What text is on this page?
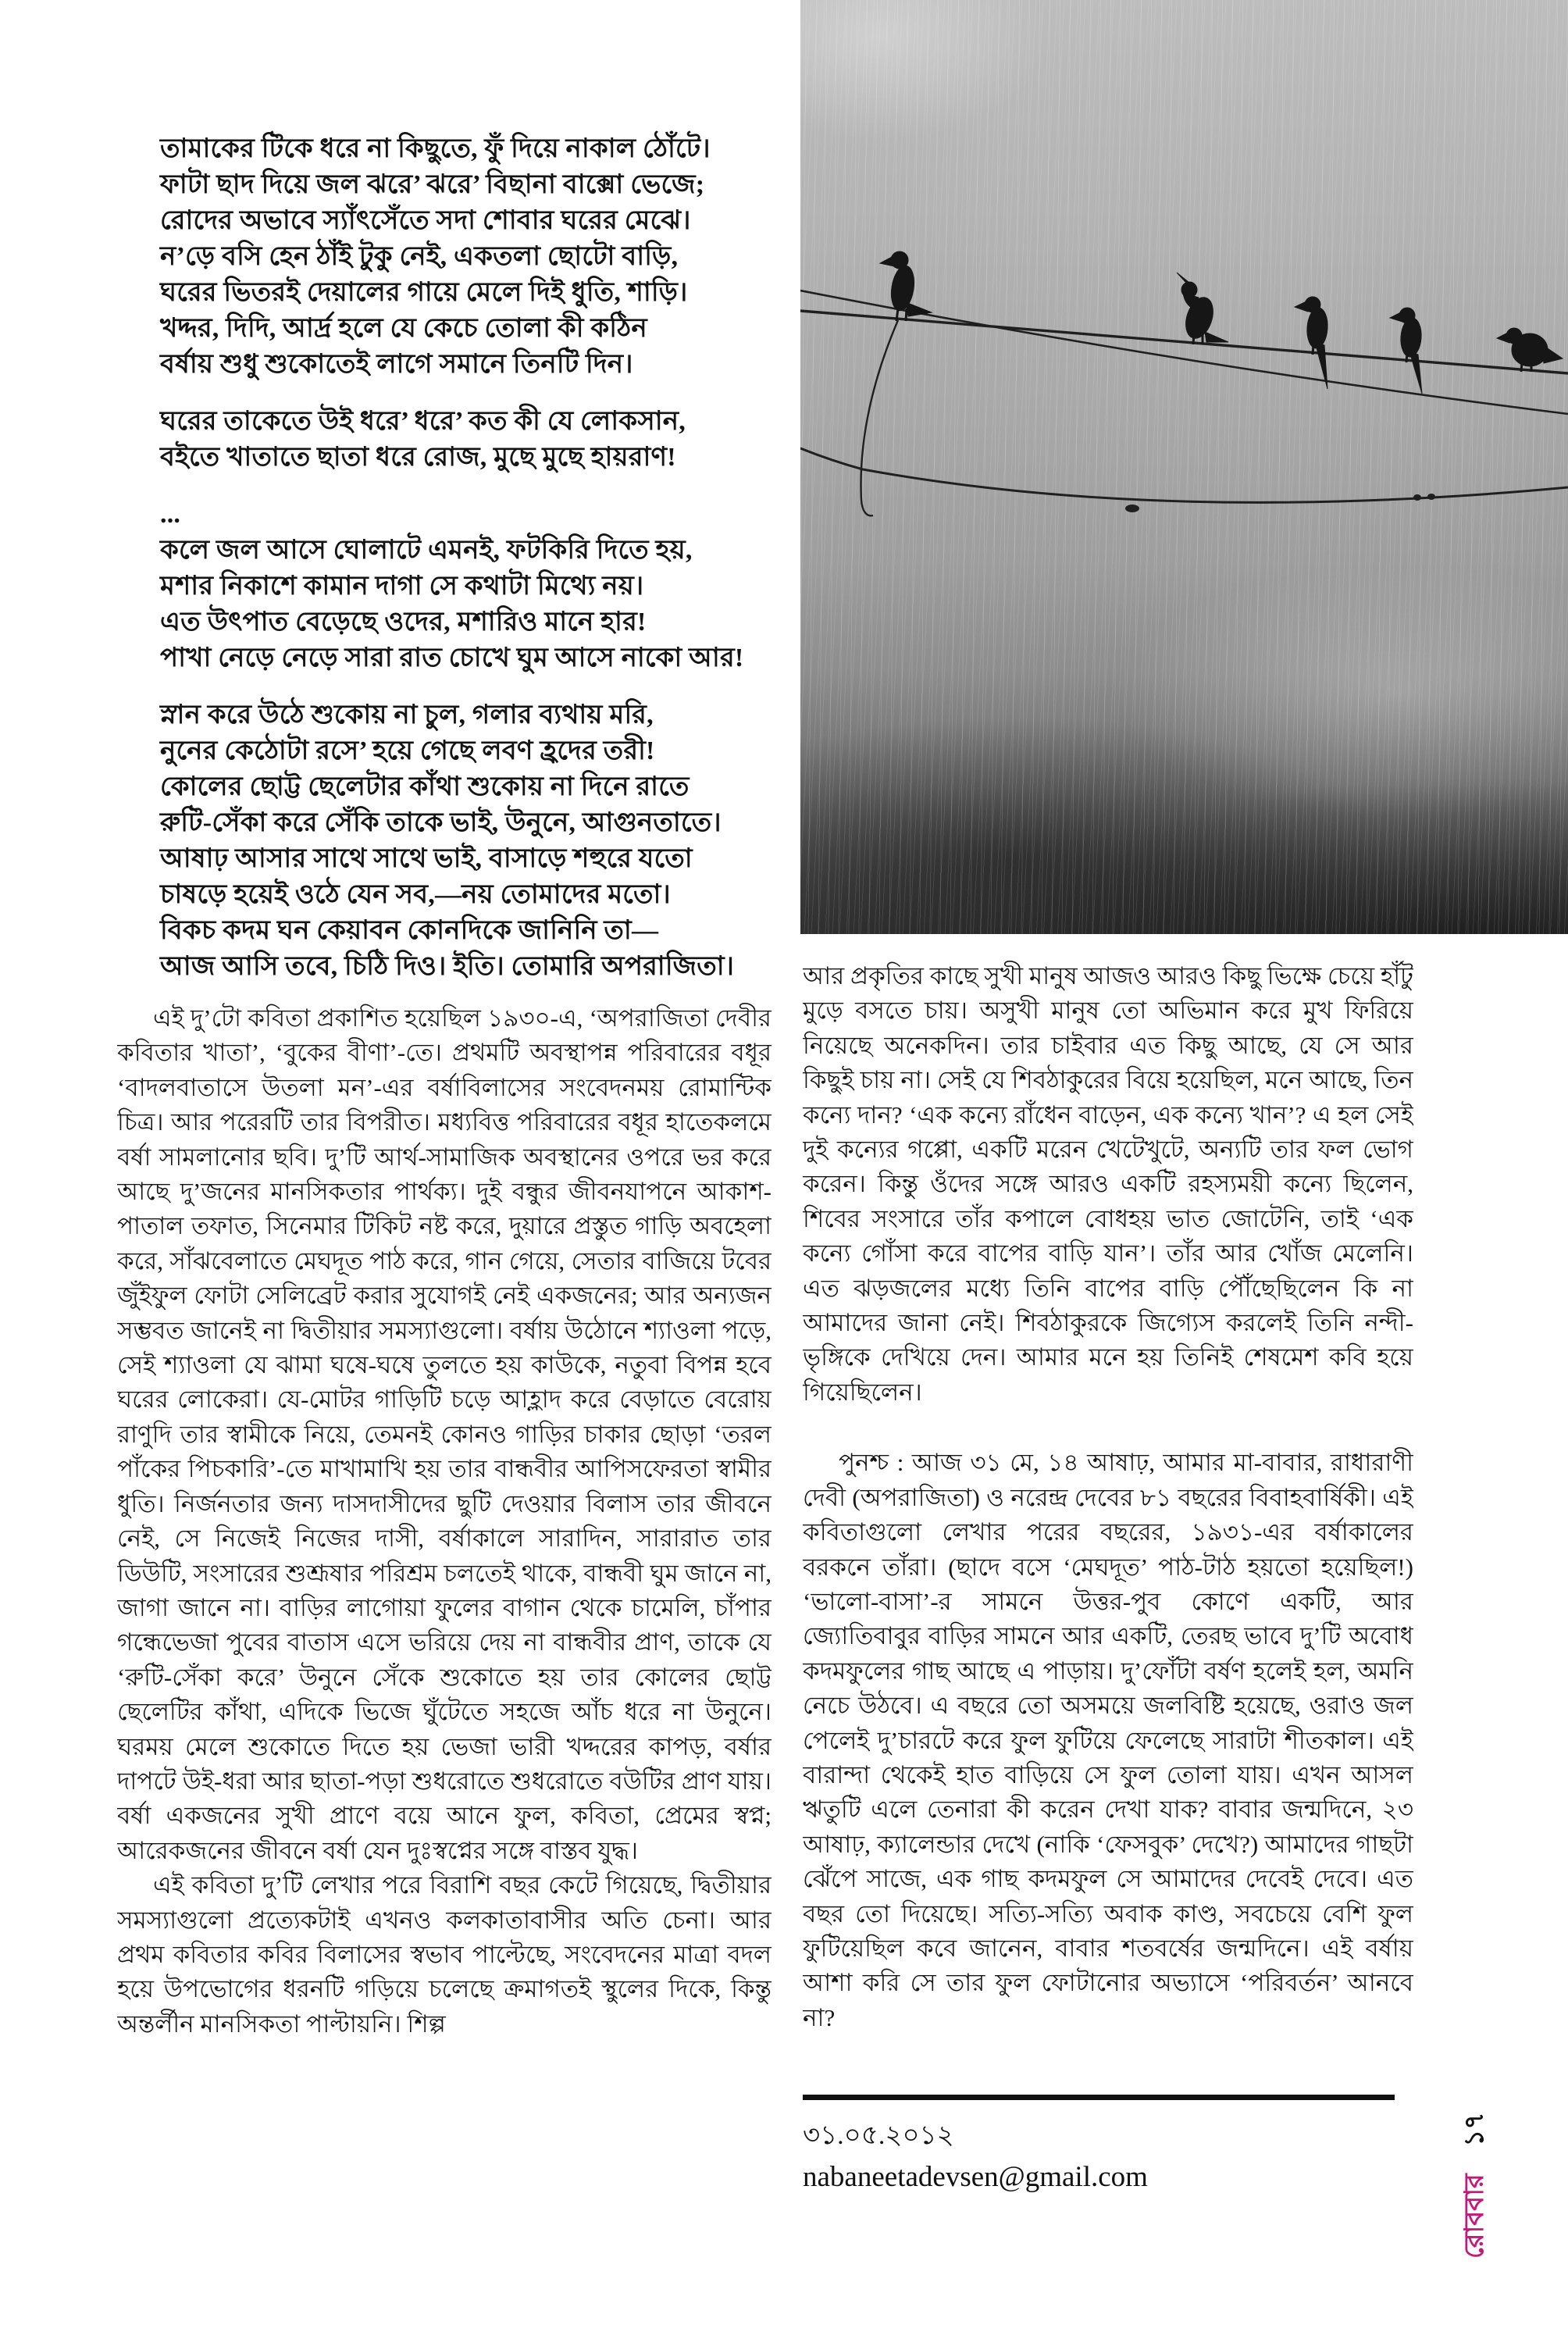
তামাকের টিকে ধরে না কিছুতে, ফুঁ দিয়ে নাকাল ঠোঁটে।
ফাটা ছাদ দিয়ে জল ঝরে’ ঝরে’ বিছানা বাক্সো ভেজে;
রোদের অভাবে স্যাঁৎসেঁতে সদা শোবার ঘরের মেঝে।
ন’ড়ে বসি হেন ঠাঁই টুকু নেই, একতলা ছোটো বাড়ি,
ঘরের ভিতরই দেয়ালের গায়ে মেলে দিই ধুতি, শাড়ি।
খদ্দর, দিদি, আর্দ্র হলে যে কেচে তোলা কী কঠিন
বর্ষায় শুধু শুকোতেই লাগে সমানে তিনটি দিন।
ঘরের তাকেতে উই ধরে’ ধরে’ কত কী যে লোকসান,
বইতে খাতাতে ছাতা ধরে রোজ, মুছে মুছে হায়রাণ!
...
কলে জল আসে ঘোলাটে এমনই, ফটকিরি দিতে হয়,
মশার নিকাশে কামান দাগা সে কথাটা মিথ্যে নয়।
এত উৎপাত বেড়েছে ওদের, মশারিও মানে হার!
পাখা নেড়ে নেড়ে সারা রাত চোখে ঘুম আসে নাকো আর!
স্নান করে উঠে শুকোয় না চুল, গলার ব্যথায় মরি,
নুনের কেঠোটা রসে’ হয়ে গেছে লবণ হ্রদের তরী!
কোলের ছোট্ট ছেলেটার কাঁথা শুকোয় না দিনে রাতে
রুটি-সেঁকা করে সেঁকি তাকে ভাই, উনুনে, আগুনতাতে।
আষাঢ় আসার সাথে সাথে ভাই, বাসাড়ে শহুরে যতো
চাষড়ে হয়েই ওঠে যেন সব,—নয় তোমাদের মতো।
বিকচ কদম ঘন কেয়াবন কোনদিকে জানিনি তা—
আজ আসি তবে, চিঠি দিও। ইতি। তোমারি অপরাজিতা।

এই দু’টো কবিতা প্রকাশিত হয়েছিল ১৯৩০-এ, ‘অপরাজিতা দেবীর কবিতার খাতা’, ‘বুকের বীণা’-তে। প্রথমটি অবস্থাপন্ন পরিবারের বধূর ‘বাদলবাতাসে উতলা মন’-এর বর্ষাবিলাসের সংবেদনময় রোমান্টিক চিত্র। আর পরেরটি তার বিপরীত। মধ্যবিত্ত পরিবারের বধূর হাতেকলমে বর্ষা সামলানোর ছবি। দু’টি আর্থ-সামাজিক অবস্থানের ওপরে ভর করে আছে দু’জনের মানসিকতার পার্থক্য। দুই বন্ধুর জীবনযাপনে আকাশ-পাতাল তফাত, সিনেমার টিকিট নষ্ট করে, দুয়ারে প্রস্তুত গাড়ি অবহেলা করে, সাঁঝবেলাতে মেঘদূত পাঠ করে, গান গেয়ে, সেতার বাজিয়ে টবের জুঁইফুল ফোটা সেলিব্রেট করার সুযোগই নেই একজনের; আর অন্যজন সম্ভবত জানেই না দ্বিতীয়ার সমস্যাগুলো। বর্ষায় উঠোনে শ্যাওলা পড়ে, সেই শ্যাওলা যে ঝামা ঘষে-ঘষে তুলতে হয় কাউকে, নতুবা বিপন্ন হবে ঘরের লোকেরা। যে-মোটর গাড়িটি চড়ে আহ্লাদ করে বেড়াতে বেরোয় রাণুদি তার স্বামীকে নিয়ে, তেমনই কোনও গাড়ির চাকার ছোড়া ‘তরল পাঁকের পিচকারি’-তে মাখামাখি হয় তার বান্ধবীর আপিসফেরতা স্বামীর ধুতি। নির্জনতার জন্য দাসদাসীদের ছুটি দেওয়ার বিলাস তার জীবনে নেই, সে নিজেই নিজের দাসী, বর্ষাকালে সারাদিন, সারারাত তার ডিউটি, সংসারের শুশ্রূষার পরিশ্রম চলতেই থাকে, বান্ধবী ঘুম জানে না, জাগা জানে না। বাড়ির লাগোয়া ফুলের বাগান থেকে চামেলি, চাঁপার গন্ধেভেজা পুবের বাতাস এসে ভরিয়ে দেয় না বান্ধবীর প্রাণ, তাকে যে ‘রুটি-সেঁকা করে’ উনুনে সেঁকে শুকোতে হয় তার কোলের ছোট্ট ছেলেটির কাঁথা, এদিকে ভিজে ঘুঁটেতে সহজে আঁচ ধরে না উনুনে। ঘরময় মেলে শুকোতে দিতে হয় ভেজা ভারী খদ্দরের কাপড়, বর্ষার দাপটে উই-ধরা আর ছাতা-পড়া শুধরোতে শুধরোতে বউটির প্রাণ যায়। বর্ষা একজনের সুখী প্রাণে বয়ে আনে ফুল, কবিতা, প্রেমের স্বপ্ন; আরেকজনের জীবনে বর্ষা যেন দুঃস্বপ্নের সঙ্গে বাস্তব যুদ্ধ।

এই কবিতা দু’টি লেখার পরে বিরাশি বছর কেটে গিয়েছে, দ্বিতীয়ার সমস্যাগুলো প্রত্যেকটাই এখনও কলকাতাবাসীর অতি চেনা। আর প্রথম কবিতার কবির বিলাসের স্বভাব পাল্টেছে, সংবেদনের মাত্রা বদল হয়ে উপভোগের ধরনটি গড়িয়ে চলেছে ক্রমাগতই স্থুলের দিকে, কিন্তু অন্তর্লীন মানসিকতা পাল্টায়নি। শিল্প

আর প্রকৃতির কাছে সুখী মানুষ আজও আরও কিছু ভিক্ষে চেয়ে হাঁটু মুড়ে বসতে চায়। অসুখী মানুষ তো অভিমান করে মুখ ফিরিয়ে নিয়েছে অনেকদিন। তার চাইবার এত কিছু আছে, যে সে আর কিছুই চায় না। সেই যে শিবঠাকুরের বিয়ে হয়েছিল, মনে আছে, তিন কন্যে দান? ‘এক কন্যে রাঁধেন বাড়েন, এক কন্যে খান’? এ হল সেই দুই কন্যের গপ্পো, একটি মরেন খেটেখুটে, অন্যটি তার ফল ভোগ করেন। কিন্তু ওঁদের সঙ্গে আরও একটি রহস্যময়ী কন্যে ছিলেন, শিবের সংসারে তাঁর কপালে বোধহয় ভাত জোটেনি, তাই ‘এক কন্যে গোঁসা করে বাপের বাড়ি যান’। তাঁর আর খোঁজ মেলেনি। এত ঝড়জলের মধ্যে তিনি বাপের বাড়ি পৌঁছেছিলেন কি না আমাদের জানা নেই। শিবঠাকুরকে জিগ্যেস করলেই তিনি নন্দী-ভৃঙ্গিকে দেখিয়ে দেন। আমার মনে হয় তিনিই শেষমেশ কবি হয়ে গিয়েছিলেন।

পুনশ্চ : আজ ৩১ মে, ১৪ আষাঢ়, আমার মা-বাবার, রাধারাণী দেবী (অপরাজিতা) ও নরেন্দ্র দেবের ৮১ বছরের বিবাহবার্ষিকী। এই কবিতাগুলো লেখার পরের বছরের, ১৯৩১-এর বর্ষাকালের বরকনে তাঁরা। (ছাদে বসে ‘মেঘদূত’ পাঠ-টাঠ হয়তো হয়েছিল!) ‘ভালো-বাসা’-র সামনে উত্তর-পুব কোণে একটি, আর জ্যোতিবাবুর বাড়ির সামনে আর একটি, তেরছ ভাবে দু’টি অবোধ কদমফুলের গাছ আছে এ পাড়ায়। দু’ফোঁটা বর্ষণ হলেই হল, অমনি নেচে উঠবে। এ বছরে তো অসময়ে জলবিষ্টি হয়েছে, ওরাও জল পেলেই দু’চারটে করে ফুল ফুটিয়ে ফেলেছে সারাটা শীতকাল। এই বারান্দা থেকেই হাত বাড়িয়ে সে ফুল তোলা যায়। এখন আসল ঋতুটি এলে তেনারা কী করেন দেখা যাক? বাবার জন্মদিনে, ২৩ আষাঢ়, ক্যালেন্ডার দেখে (নাকি ‘ফেসবুক’ দেখে?) আমাদের গাছটা ঝেঁপে সাজে, এক গাছ কদমফুল সে আমাদের দেবেই দেবে। এত বছর তো দিয়েছে। সত্যি-সত্যি অবাক কাণ্ড, সবচেয়ে বেশি ফুল ফুটিয়েছিল কবে জানেন, বাবার শতবর্ষের জন্মদিনে। এই বর্ষায় আশা করি সে তার ফুল ফোটানোর অভ্যাসে ‘পরিবর্তন’ আনবে না?

৩১.০৫.২০১২
nabaneetadevsen@gmail.com	রোববার ১৭
